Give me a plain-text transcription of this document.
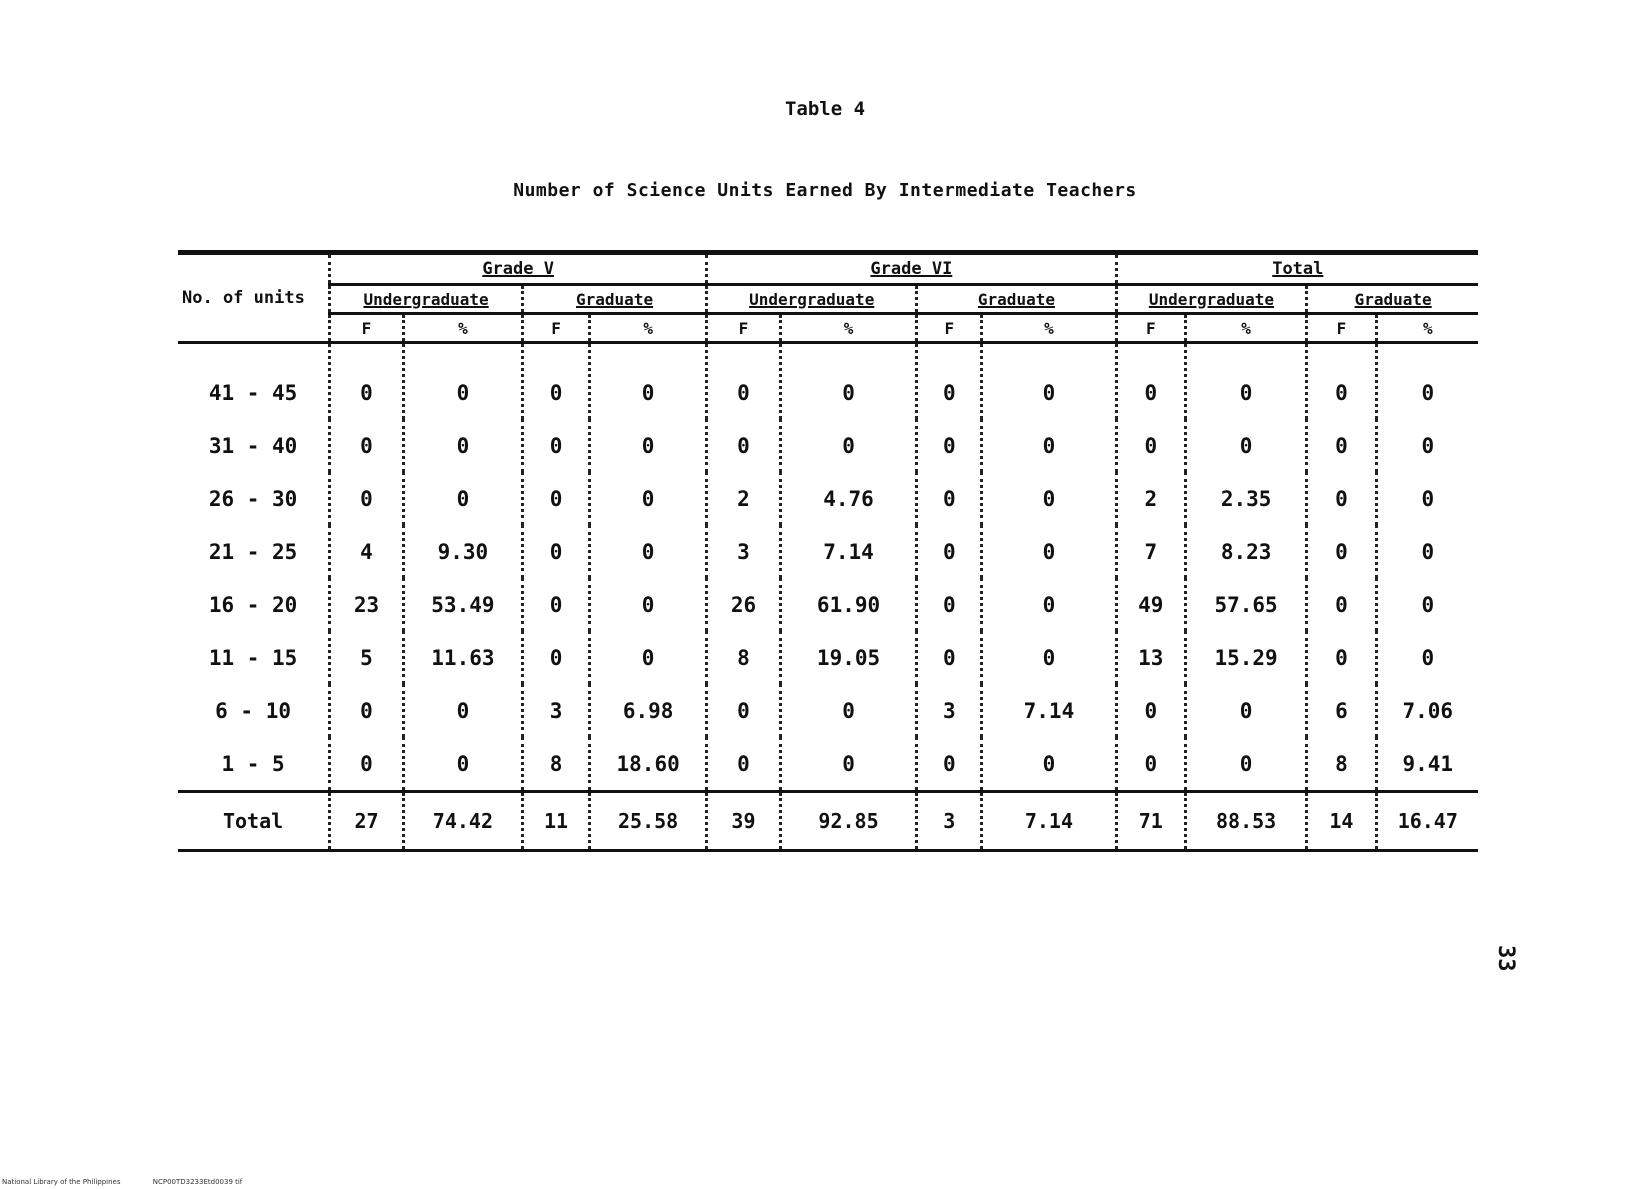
Table 4
Number of Science Units Earned By Intermediate Teachers
No. of units	Grade V				Grade VI				Total			
	Undergraduate		Graduate		Undergraduate		Graduate		Undergraduate		Graduate	
	F	%	F	%	F	%	F	%	F	%	F	%
41 - 45	0	0	0	0	0	0	0	0	0	0	0	0
31 - 40	0	0	0	0	0	0	0	0	0	0	0	0
26 - 30	0	0	0	0	2	4.76	0	0	2	2.35	0	0
21 - 25	4	9.30	0	0	3	7.14	0	0	7	8.23	0	0
16 - 20	23	53.49	0	0	26	61.90	0	0	49	57.65	0	0
11 - 15	5	11.63	0	0	8	19.05	0	0	13	15.29	0	0
6 - 10	0	0	3	6.98	0	0	3	7.14	0	0	6	7.06
1 - 5	0	0	8	18.60	0	0	0	0	0	0	8	9.41
Total	27	74.42	11	25.58	39	92.85	3	7.14	71	88.53	14	16.47
33
National Library of the Philippines	NCP00TD3233Etd0039 tif
